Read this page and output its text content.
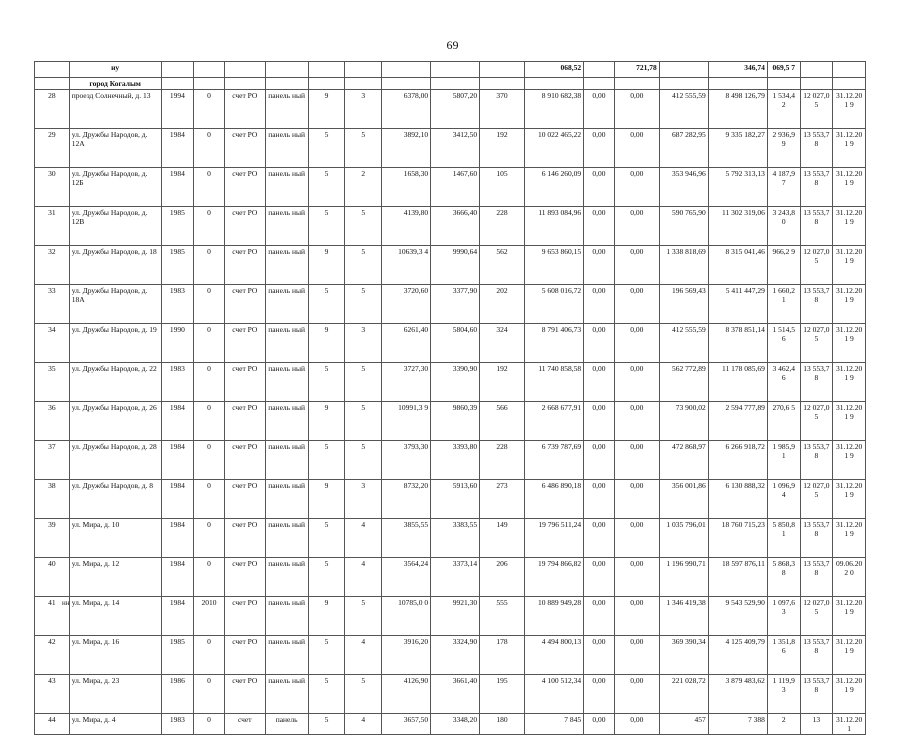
69
	ну										068,52		721,78		346,74	069,5 7		
	город Когалым																	
28	проезд Солнечный, д. 13	1994	0	счет РО	панель ный	9	3	6378,00	5807,20	370	8 910 682,38	0,00	0,00	412 555,59	8 498 126,79	1 534,4 2	12 027,0 5	31.12.201 9
29	ул. Дружбы Народов, д. 12А	1984	0	счет РО	панель ный	5	5	3892,10	3412,50	192	10 022 465,22	0,00	0,00	687 282,95	9 335 182,27	2 936,9 9	13 553,7 8	31.12.201 9
30	ул. Дружбы Народов, д. 12Б	1984	0	счет РО	панель ный	5	2	1658,30	1467,60	105	6 146 260,09	0,00	0,00	353 946,96	5 792 313,13	4 187,9 7	13 553,7 8	31.12.201 9
31	ул. Дружбы Народов, д. 12В	1985	0	счет РО	панель ный	5	5	4139,80	3666,40	228	11 893 084,96	0,00	0,00	590 765,90	11 302 319,06	3 243,8 0	13 553,7 8	31.12.201 9
32	ул. Дружбы Народов, д. 18	1985	0	счет РО	панель ный	9	5	10639,3 4	9990,64	562	9 653 860,15	0,00	0,00	1 338 818,69	8 315 041,46	966,2 9	12 027,0 5	31.12.201 9
33	ул. Дружбы Народов, д. 18А	1983	0	счет РО	панель ный	5	5	3720,60	3377,90	202	5 608 016,72	0,00	0,00	196 569,43	5 411 447,29	1 660,2 1	13 553,7 8	31.12.201 9
34	ул. Дружбы Народов, д. 19	1990	0	счет РО	панель ный	9	3	6261,40	5804,60	324	8 791 406,73	0,00	0,00	412 555,59	8 378 851,14	1 514,5 6	12 027,0 5	31.12.201 9
35	ул. Дружбы Народов, д. 22	1983	0	счет РО	панель ный	5	5	3727,30	3390,90	192	11 740 858,58	0,00	0,00	562 772,89	11 178 085,69	3 462,4 6	13 553,7 8	31.12.201 9
36	ул. Дружбы Народов, д. 26	1984	0	счет РО	панель ный	9	5	10991,3 9	9860,39	566	2 668 677,91	0,00	0,00	73 900,02	2 594 777,89	270,6 5	12 027,0 5	31.12.201 9
37	ул. Дружбы Народов, д. 28	1984	0	счет РО	панель ный	5	5	3793,30	3393,80	228	6 739 787,69	0,00	0,00	472 868,97	6 266 918,72	1 985,9 1	13 553,7 8	31.12.201 9
38	ул. Дружбы Народов, д. 8	1984	0	счет РО	панель ный	9	3	8732,20	5913,60	273	6 486 890,18	0,00	0,00	356 001,86	6 130 888,32	1 096,9 4	12 027,0 5	31.12.201 9
39	ул. Мира, д. 10	1984	0	счет РО	панель ный	5	4	3855,55	3383,55	149	19 796 511,24	0,00	0,00	1 035 796,01	18 760 715,23	5 850,8 1	13 553,7 8	31.12.201 9
40	ул. Мира, д. 12	1984	0	счет РО	панель ный	5	4	3564,24	3373,14	206	19 794 866,82	0,00	0,00	1 196 990,71	18 597 876,11	5 868,3 8	13 553,7 8	09.06.202 0
41	ул. Мира, д. 14	1984	2010	счет РО	панель ный	9	5	10785,0 0	9921,30	555	10 889 949,28	0,00	0,00	1 346 419,38	9 543 529,90	1 097,6 3	12 027,0 5	31.12.201 9
42	ул. Мира, д. 16	1985	0	счет РО	панель ный	5	4	3916,20	3324,90	178	4 494 800,13	0,00	0,00	369 390,34	4 125 409,79	1 351,8 6	13 553,7 8	31.12.201 9
43	ул. Мира, д. 23	1986	0	счет РО	панель ный	5	5	4126,90	3661,40	195	4 100 512,34	0,00	0,00	221 028,72	3 879 483,62	1 119,9 3	13 553,7 8	31.12.201 9
44	ул. Мира, д. 4	1983	0	счет	панель	5	4	3657,50	3348,20	180	7 845	0,00	0,00	457	7 388	2	13	31.12.201
нн
